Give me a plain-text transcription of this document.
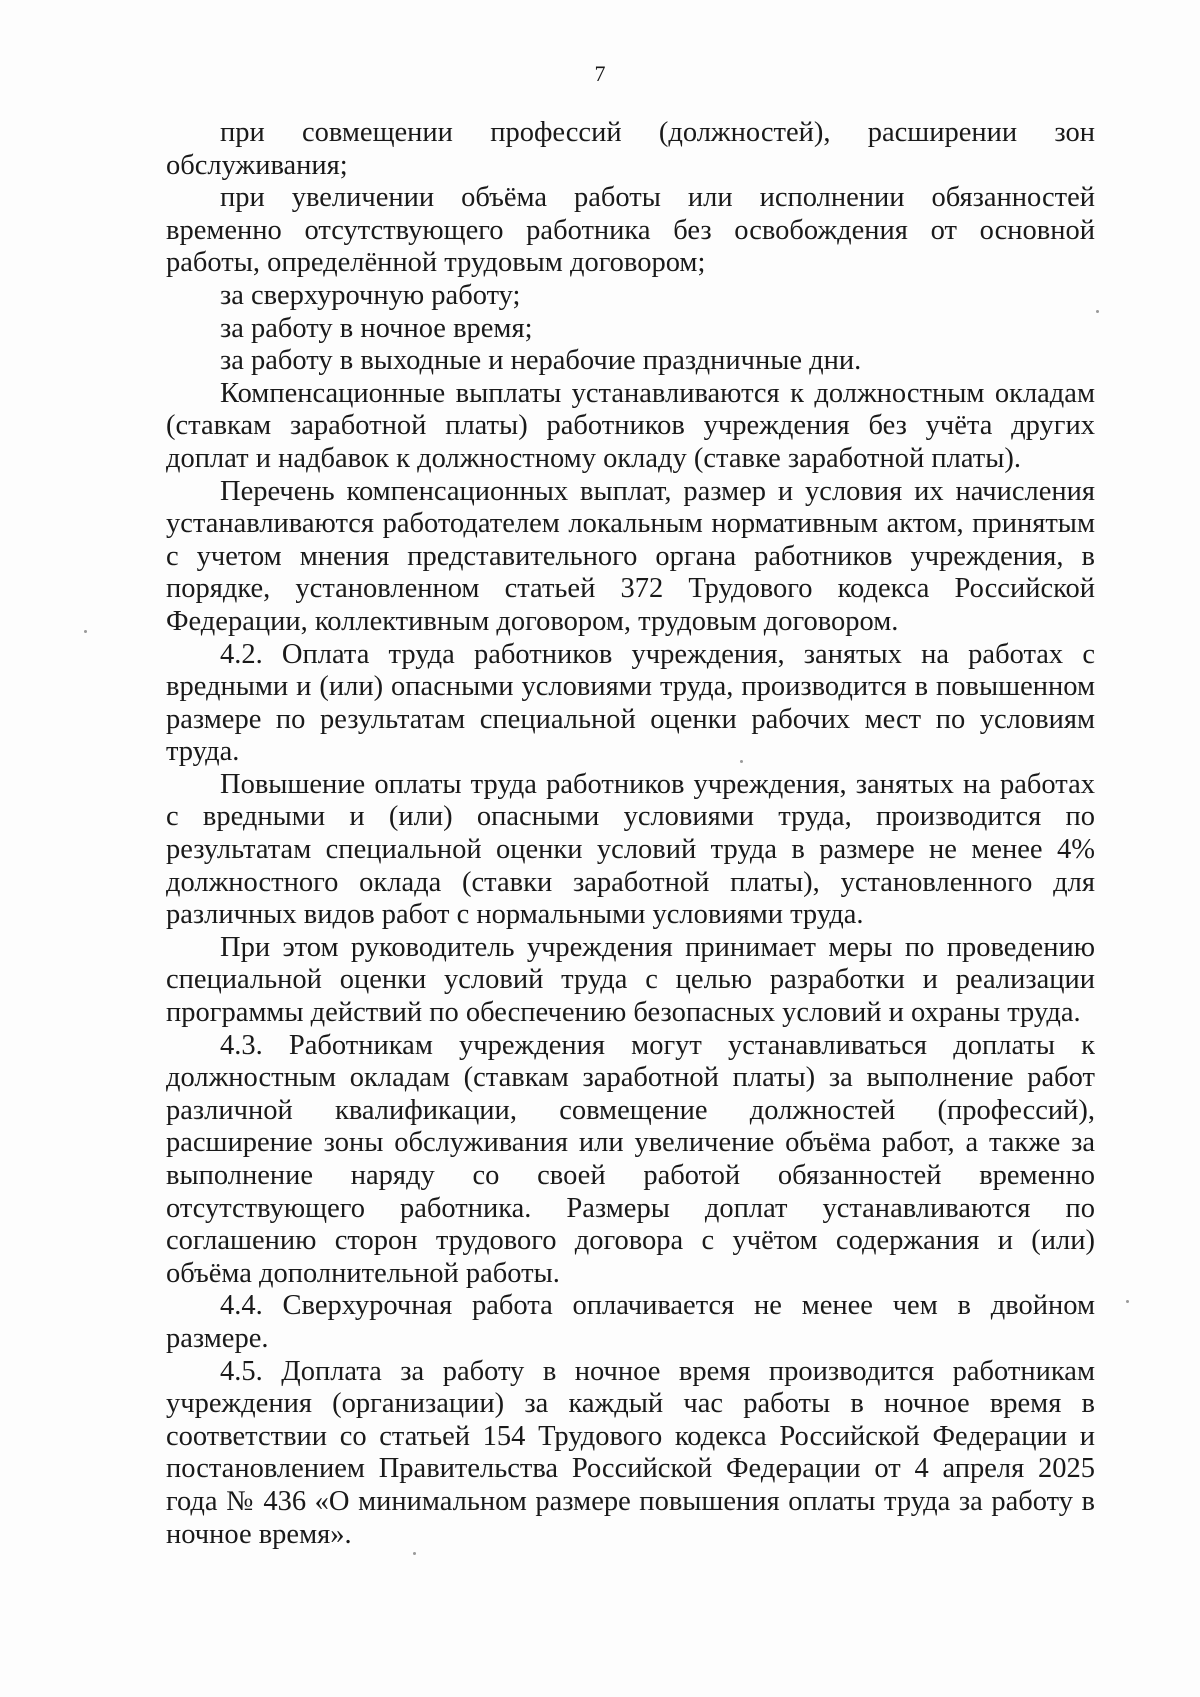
7

при совмещении профессий (должностей), расширении зон обслуживания;

при увеличении объёма работы или исполнении обязанностей временно отсутствующего работника без освобождения от основной работы, определённой трудовым договором;

за сверхурочную работу;

за работу в ночное время;

за работу в выходные и нерабочие праздничные дни.

Компенсационные выплаты устанавливаются к должностным окладам (ставкам заработной платы) работников учреждения без учёта других доплат и надбавок к должностному окладу (ставке заработной платы).

Перечень компенсационных выплат, размер и условия их начисления устанавливаются работодателем локальным нормативным актом, принятым с учетом мнения представительного органа работников учреждения, в порядке, установленном статьей 372 Трудового кодекса Российской Федерации, коллективным договором, трудовым договором.

4.2. Оплата труда работников учреждения, занятых на работах с вредными и (или) опасными условиями труда, производится в повышенном размере по результатам специальной оценки рабочих мест по условиям труда.

Повышение оплаты труда работников учреждения, занятых на работах с вредными и (или) опасными условиями труда, производится по результатам специальной оценки условий труда в размере не менее 4% должностного оклада (ставки заработной платы), установленного для различных видов работ с нормальными условиями труда.

При этом руководитель учреждения принимает меры по проведению специальной оценки условий труда с целью разработки и реализации программы действий по обеспечению безопасных условий и охраны труда.

4.3. Работникам учреждения могут устанавливаться доплаты к должностным окладам (ставкам заработной платы) за выполнение работ различной квалификации, совмещение должностей (профессий), расширение зоны обслуживания или увеличение объёма работ, а также за выполнение наряду со своей работой обязанностей временно отсутствующего работника. Размеры доплат устанавливаются по соглашению сторон трудового договора с учётом содержания и (или) объёма дополнительной работы.

4.4. Сверхурочная работа оплачивается не менее чем в двойном размере.

4.5. Доплата за работу в ночное время производится работникам учреждения (организации) за каждый час работы в ночное время в соответствии со статьей 154 Трудового кодекса Российской Федерации и постановлением Правительства Российской Федерации от 4 апреля 2025 года № 436 «О минимальном размере повышения оплаты труда за работу в ночное время».
